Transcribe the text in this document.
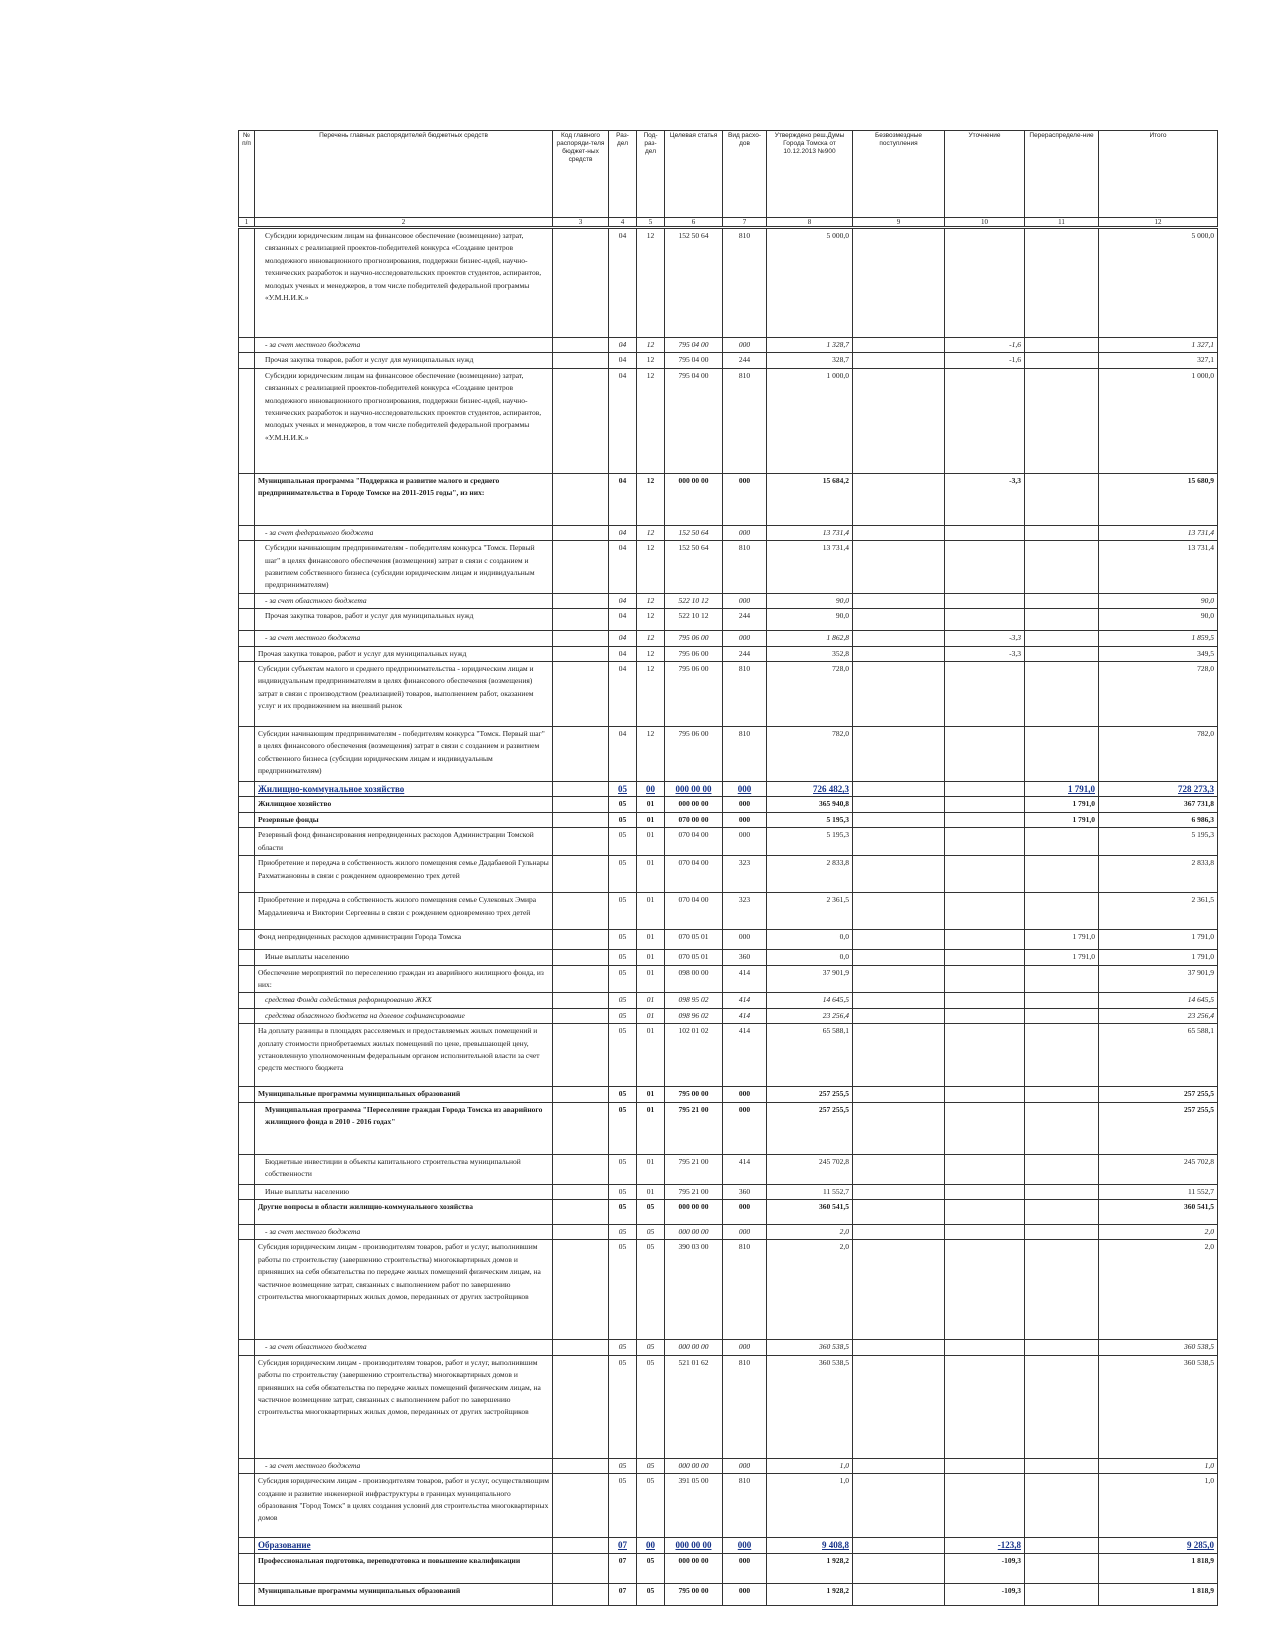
№ п/п	Перечень главных распорядителей бюджетных средств	Код главного распоряди-теля бюджет-ных средств	Раз-дел	Под-раз-дел	Целевая статья	Вид расхо-дов	Утверждено реш.Думы Города Томска от 10.12.2013 №900	Безвозмездные поступления	Уточнение	Перераспределе-ние	Итого
1	2	3	4	5	6	7	8	9	10	11	12
	Субсидии юридическим лицам на финансовое обеспечение (возмещение) затрат, связанных с реализацией проектов-победителей конкурса «Создание центров молодежного инновационного прогнозирования, поддержки бизнес-идей, научно-технических разработок и научно-исследовательских проектов студентов, аспирантов, молодых ученых и менеджеров, в том числе победителей федеральной программы «У.М.Н.И.К.»		04	12	152 50 64	810	5 000,0				5 000,0
	- за счет местного бюджета		04	12	795 04 00	000	1 328,7		-1,6		1 327,1
	Прочая закупка товаров, работ и услуг для муниципальных нужд		04	12	795 04 00	244	328,7		-1,6		327,1
	Субсидии юридическим лицам на финансовое обеспечение (возмещение) затрат, связанных с реализацией проектов-победителей конкурса «Создание центров молодежного инновационного прогнозирования, поддержки бизнес-идей, научно-технических разработок и научно-исследовательских проектов студентов, аспирантов, молодых ученых и менеджеров, в том числе победителей федеральной программы «У.М.Н.И.К.»		04	12	795 04 00	810	1 000,0				1 000,0
	Муниципальная программа "Поддержка и развитие малого и среднего предпринимательства в Городе Томске на 2011-2015 годы", из них:		04	12	000 00 00	000	15 684,2		-3,3		15 680,9
	- за счет федерального бюджета		04	12	152 50 64	000	13 731,4				13 731,4
	Субсидии начинающим предпринимателям - победителям конкурса "Томск. Первый шаг" в целях финансового обеспечения (возмещения) затрат в связи с созданием и развитием собственного бизнеса (субсидии юридическим лицам и индивидуальным предпринимателям)		04	12	152 50 64	810	13 731,4				13 731,4
	- за счет областного бюджета		04	12	522 10 12	000	90,0				90,0
	Прочая закупка товаров, работ и услуг для муниципальных нужд		04	12	522 10 12	244	90,0				90,0
	- за счет местного бюджета		04	12	795 06 00	000	1 862,8		-3,3		1 859,5
	Прочая закупка товаров, работ и услуг для муниципальных нужд		04	12	795 06 00	244	352,8		-3,3		349,5
	Субсидии субъектам малого и среднего предпринимательства - юридическим лицам и индивидуальным предпринимателям в целях финансового обеспечения (возмещения) затрат в связи с производством (реализацией) товаров, выполнением работ, оказанием услуг и их продвижением на внешний рынок		04	12	795 06 00	810	728,0				728,0
	Субсидии начинающим предпринимателям - победителям конкурса "Томск. Первый шаг" в целях финансового обеспечения (возмещения) затрат в связи с созданием и развитием собственного бизнеса (субсидии юридическим лицам и индивидуальным предпринимателям)		04	12	795 06 00	810	782,0				782,0
	Жилищно-коммунальное хозяйство		05	00	000 00 00	000	726 482,3			1 791,0	728 273,3
	Жилищное хозяйство		05	01	000 00 00	000	365 940,8			1 791,0	367 731,8
	Резервные фонды		05	01	070 00 00	000	5 195,3			1 791,0	6 986,3
	Резервный фонд финансирования непредвиденных расходов Администрации Томской области		05	01	070 04 00	000	5 195,3				5 195,3
	Приобретение и передача в собственность жилого помещения семье Дадабаевой Гульнары Рахматжановны в связи с рождением одновременно трех детей		05	01	070 04 00	323	2 833,8				2 833,8
	Приобретение и передача в собственность жилого помещения семье Сулековых Эмира Мардалиевича и Виктории Сергеевны в связи с рождением одновременно трех детей		05	01	070 04 00	323	2 361,5				2 361,5
	Фонд непредвиденных расходов администрации Города Томска		05	01	070 05 01	000	0,0			1 791,0	1 791,0
	Иные выплаты населению		05	01	070 05 01	360	0,0			1 791,0	1 791,0
	Обеспечение мероприятий по переселению граждан из аварийного жилищного фонда, из них:		05	01	098 00 00	414	37 901,9				37 901,9
	средства Фонда содействия реформированию ЖКХ		05	01	098 95 02	414	14 645,5				14 645,5
	средства областного бюджета на долевое софинансирование		05	01	098 96 02	414	23 256,4				23 256,4
	На доплату разницы в площадях расселяемых и предоставляемых жилых помещений и доплату стоимости приобретаемых жилых помещений по цене, превышающей цену, установленную уполномоченным федеральным органом исполнительной власти за счет средств местного бюджета		05	01	102 01 02	414	65 588,1				65 588,1
	Муниципальные программы муниципальных образований		05	01	795 00 00	000	257 255,5				257 255,5
	Муниципальная программа "Переселение граждан Города Томска из аварийного жилищного фонда в 2010 - 2016 годах"		05	01	795 21 00	000	257 255,5				257 255,5
	Бюджетные инвестиции в объекты капитального строительства муниципальной собственности		05	01	795 21 00	414	245 702,8				245 702,8
	Иные выплаты населению		05	01	795 21 00	360	11 552,7				11 552,7
	Другие вопросы в области жилищно-коммунального хозяйства		05	05	000 00 00	000	360 541,5				360 541,5
	- за счет местного бюджета		05	05	000 00 00	000	2,0				2,0
	Субсидия юридическим лицам - производителям товаров, работ и услуг, выполнившим работы по строительству (завершению строительства) многоквартирных домов и принявших на себя обязательства по передаче жилых помещений физическим лицам, на частичное возмещение затрат, связанных с выполнением работ по завершению строительства многоквартирных жилых домов, переданных от других застройщиков		05	05	390 03 00	810	2,0				2,0
	- за счет областного бюджета		05	05	000 00 00	000	360 538,5				360 538,5
	Субсидия юридическим лицам - производителям товаров, работ и услуг, выполнившим работы по строительству (завершению строительства) многоквартирных домов и принявших на себя обязательства по передаче жилых помещений физическим лицам, на частичное возмещение затрат, связанных с выполнением работ по завершению строительства многоквартирных жилых домов, переданных от других застройщиков		05	05	521 01 62	810	360 538,5				360 538,5
	- за счет местного бюджета		05	05	000 00 00	000	1,0				1,0
	Субсидия юридическим лицам - производителям товаров, работ и услуг, осуществляющим создание и развитие инженерной инфраструктуры в границах муниципального образования "Город Томск" в целях создания условий для строительства многоквартирных домов		05	05	391 05 00	810	1,0				1,0
	Образование		07	00	000 00 00	000	9 408,8		-123,8		9 285,0
	Профессиональная подготовка, переподготовка и повышение квалификации		07	05	000 00 00	000	1 928,2		-109,3		1 818,9
	Муниципальные программы муниципальных образований		07	05	795 00 00	000	1 928,2		-109,3		1 818,9
